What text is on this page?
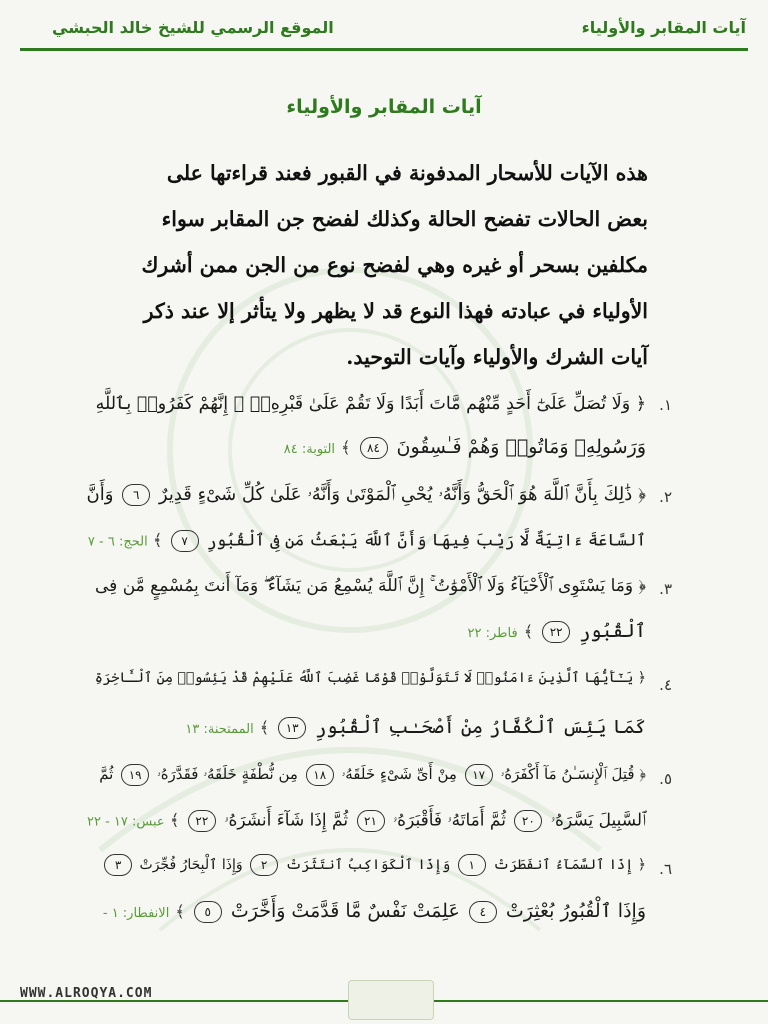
آيات المقابر والأولياء
الموقع الرسمي للشيخ خالد الحبشي
آيات المقابر والأولياء
هذه الآيات للأسحار المدفونة في القبور فعند قراءتها على
بعض الحالات تفضح الحالة وكذلك لفضح جن المقابر سواء
مكلفين بسحر أو غيره وهي لفضح نوع من الجن ممن أشرك
الأولياء في عبادته فهذا النوع قد لا يظهر ولا يتأثر إلا عند ذكر
آيات الشرك والأولياء وآيات التوحيد.
١.
﴿ وَلَا تُصَلِّ عَلَىٰٓ أَحَدٍ مِّنْهُم مَّاتَ أَبَدًا وَلَا تَقُمْ عَلَىٰ قَبْرِهِۦٓ ۖ إِنَّهُمْ كَفَرُوا۟ بِٱللَّهِ
وَرَسُولِهِۦ وَمَاتُوا۟ وَهُمْ فَـٰسِقُونَ ٨٤ ﴾ التوبة: ٨٤
٢.
﴿ ذَٰلِكَ بِأَنَّ ٱللَّهَ هُوَ ٱلْحَقُّ وَأَنَّهُۥ يُحْىِ ٱلْمَوْتَىٰ وَأَنَّهُۥ عَلَىٰ كُلِّ شَىْءٍ قَدِيرٌ ٦ وَأَنَّ
ٱلسَّاعَةَ ءَاتِيَةٌ لَّا رَيْبَ فِيهَا وَأَنَّ ٱللَّهَ يَبْعَثُ مَن فِى ٱلْقُبُورِ ٧ ﴾ الحج: ٦ - ٧
٣.
﴿ وَمَا يَسْتَوِى ٱلْأَحْيَآءُ وَلَا ٱلْأَمْوَٰتُ ۚ إِنَّ ٱللَّهَ يُسْمِعُ مَن يَشَآءُ ۖ وَمَآ أَنتَ بِمُسْمِعٍ مَّن فِى
ٱلْقُبُورِ ٢٢ ﴾ فاطر: ٢٢
٤.
﴿ يَـٰٓأَيُّهَا ٱلَّذِينَ ءَامَنُوا۟ لَا تَتَوَلَّوْا۟ قَوْمًا غَضِبَ ٱللَّهُ عَلَيْهِمْ قَدْ يَئِسُوا۟ مِنَ ٱلْـَٔاخِرَةِ
كَمَا يَئِسَ ٱلْكُفَّارُ مِنْ أَصْحَـٰبِ ٱلْقُبُورِ ١٣ ﴾ الممتحنة: ١٣
٥.
﴿ قُتِلَ ٱلْإِنسَـٰنُ مَآ أَكْفَرَهُۥ ١٧ مِنْ أَىِّ شَىْءٍ خَلَقَهُۥ ١٨ مِن نُّطْفَةٍ خَلَقَهُۥ فَقَدَّرَهُۥ ١٩ ثُمَّ
ٱلسَّبِيلَ يَسَّرَهُۥ ٢٠ ثُمَّ أَمَاتَهُۥ فَأَقْبَرَهُۥ ٢١ ثُمَّ إِذَا شَآءَ أَنشَرَهُۥ ٢٢ ﴾ عبس: ١٧ - ٢٢
٦.
﴿ إِذَا ٱلسَّمَآءُ ٱنفَطَرَتْ ١ وَإِذَا ٱلْكَوَاكِبُ ٱنتَثَرَتْ ٢ وَإِذَا ٱلْبِحَارُ فُجِّرَتْ ٣
وَإِذَا ٱلْقُبُورُ بُعْثِرَتْ ٤ عَلِمَتْ نَفْسٌ مَّا قَدَّمَتْ وَأَخَّرَتْ ٥ ﴾ الانفطار: ١ -
WWW.ALROQYA.COM
